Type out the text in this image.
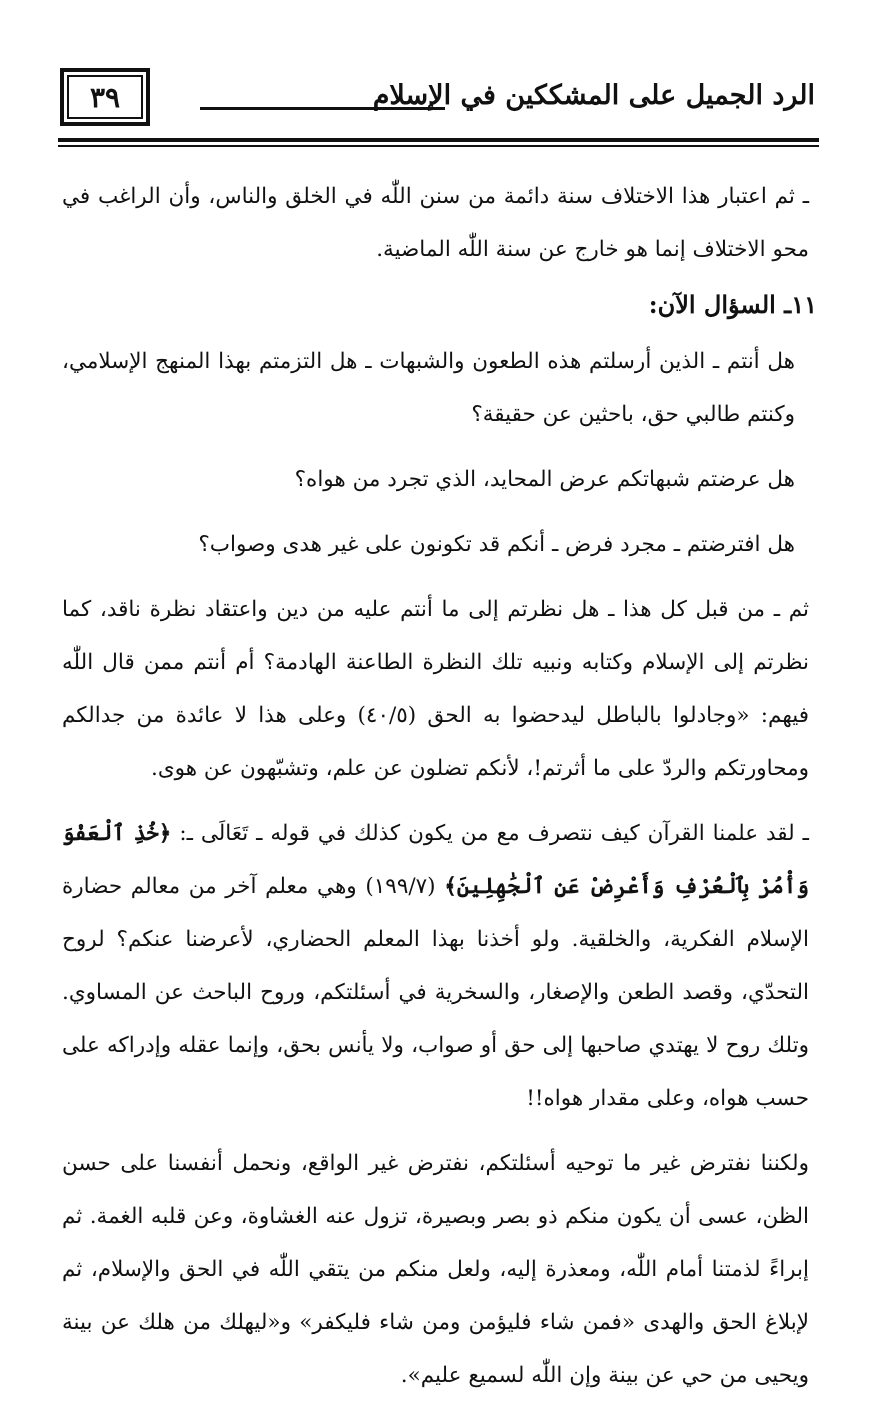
٣٩	الرد الجميل على المشككين في الإسلام

ـ ثم اعتبار هذا الاختلاف سنة دائمة من سنن اللّٰه في الخلق والناس، وأن الراغب في محو الاختلاف إنما هو خارج عن سنة اللّٰه الماضية.

١١ـ السؤال الآن:

هل أنتم ـ الذين أرسلتم هذه الطعون والشبهات ـ هل التزمتم بهذا المنهج الإسلامي، وكنتم طالبي حق، باحثين عن حقيقة؟

هل عرضتم شبهاتكم عرض المحايد، الذي تجرد من هواه؟

هل افترضتم ـ مجرد فرض ـ أنكم قد تكونون على غير هدى وصواب؟

ثم ـ من قبل كل هذا ـ هل نظرتم إلى ما أنتم عليه من دين واعتقاد نظرة ناقد، كما نظرتم إلى الإسلام وكتابه ونبيه تلك النظرة الطاعنة الهادمة؟ أم أنتم ممن قال اللّٰه فيهم: «وجادلوا بالباطل ليدحضوا به الحق (٤٠/٥) وعلى هذا لا عائدة من جدالكم ومحاورتكم والردّ على ما أثرتم!، لأنكم تضلون عن علم، وتشبّهون عن هوى.

ـ لقد علمنا القرآن كيف نتصرف مع من يكون كذلك في قوله ـ تَعَالَى ـ: ﴿خُذِ ٱلْعَفْوَ وَأْمُرْ بِٱلْعُرْفِ وَأَعْرِضْ عَنِ ٱلْجَٰهِلِينَ﴾ (١٩٩/٧) وهي معلم آخر من معالم حضارة الإسلام الفكرية، والخلقية. ولو أخذنا بهذا المعلم الحضاري، لأعرضنا عنكم؟ لروح التحدّي، وقصد الطعن والإصغار، والسخرية في أسئلتكم، وروح الباحث عن المساوي. وتلك روح لا يهتدي صاحبها إلى حق أو صواب، ولا يأنس بحق، وإنما عقله وإدراكه على حسب هواه، وعلى مقدار هواه!!

ولكننا نفترض غير ما توحيه أسئلتكم، نفترض غير الواقع، ونحمل أنفسنا على حسن الظن، عسى أن يكون منكم ذو بصر وبصيرة، تزول عنه الغشاوة، وعن قلبه الغمة. ثم إبراءً لذمتنا أمام اللّٰه، ومعذرة إليه، ولعل منكم من يتقي اللّٰه في الحق والإسلام، ثم لإبلاغ الحق والهدى «فمن شاء فليؤمن ومن شاء فليكفر» و«ليهلك من هلك عن بينة ويحيى من حي عن بينة وإن اللّٰه لسميع عليم».
